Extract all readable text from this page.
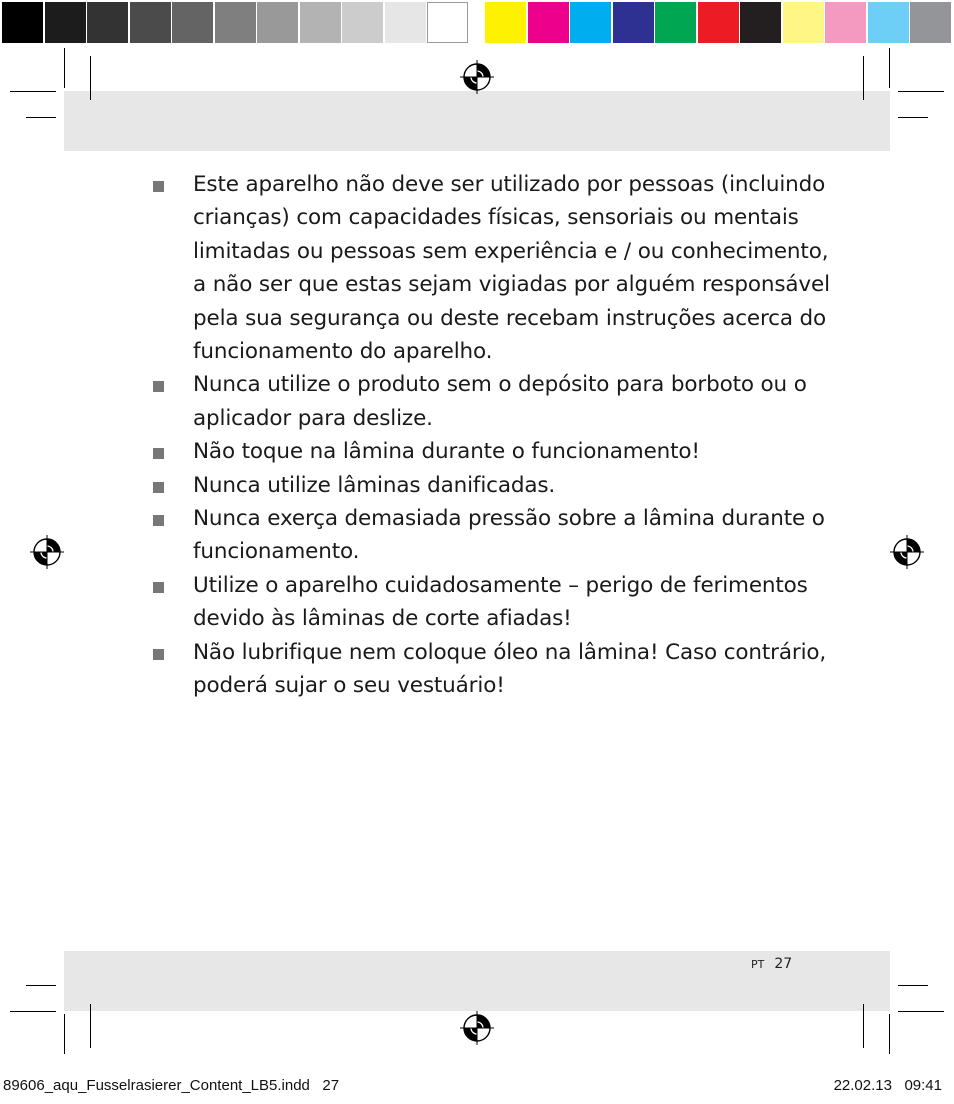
Este aparelho não deve ser utilizado por pessoas (incluindo crianças) com capacidades físicas, sensoriais ou mentais limitadas ou pessoas sem experiência e / ou conhecimento, a não ser que estas sejam vigiadas por alguém responsável pela sua segurança ou deste recebam instruções acerca do funcionamento do aparelho.
Nunca utilize o produto sem o depósito para borboto ou o aplicador para deslize.
Não toque na lâmina durante o funcionamento!
Nunca utilize lâminas danificadas.
Nunca exerça demasiada pressão sobre a lâmina durante o funcionamento.
Utilize o aparelho cuidadosamente – perigo de ferimentos devido às lâminas de corte afiadas!
Não lubrifique nem coloque óleo na lâmina! Caso contrário, poderá sujar o seu vestuário!
PT 27
89606_aqu_Fusselrasierer_Content_LB5.indd   27	22.02.13   09:41
